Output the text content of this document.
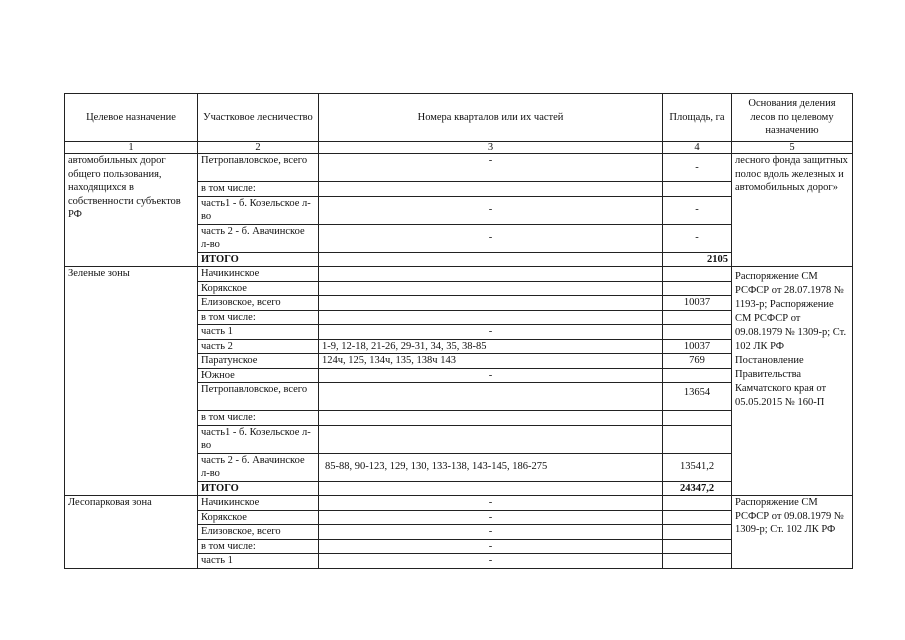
Целевое назначение	Участковое лесничество	Номера кварталов или их частей	Площадь, га	Основания деления лесов по целевому назначению
1	2	3	4	5
автомобильных дорог общего пользования, находящихся в собственности субъектов РФ	Петропавловское, всего	-	-	лесного фонда защитных полос вдоль железных и автомобильных дорог»
	в том числе:			
	часть1 - б. Козельское л-во	-	-	
	часть 2 - б. Авачинское л-во	-	-	
	ИТОГО		2105	
Зеленые зоны	Начикинское			Распоряжение СМ РСФСР от 28.07.1978 № 1193-р; Распоряжение СМ РСФСР от 09.08.1979 № 1309-р; Ст. 102 ЛК РФ Постановление Правительства Камчатского края от 05.05.2015 № 160-П
	Корякское			
	Елизовское, всего		10037	
	в том числе:			
	часть 1	-		
	часть 2	1-9, 12-18, 21-26, 29-31, 34, 35, 38-85	10037	
	Паратунское	124ч, 125, 134ч, 135, 138ч 143	769	
	Южное	-		
	Петропавловское, всего		13654	
	в том числе:			
	часть1 - б. Козельское л-во			
	часть 2 - б. Авачинское л-во	85-88, 90-123, 129, 130, 133-138, 143-145, 186-275	13541,2	
	ИТОГО		24347,2	
Лесопарковая зона	Начикинское	-		Распоряжение СМ РСФСР от 09.08.1979 № 1309-р; Ст. 102 ЛК РФ
	Корякское	-		
	Елизовское, всего	-		
	в том числе:	-		
	часть 1	-		
